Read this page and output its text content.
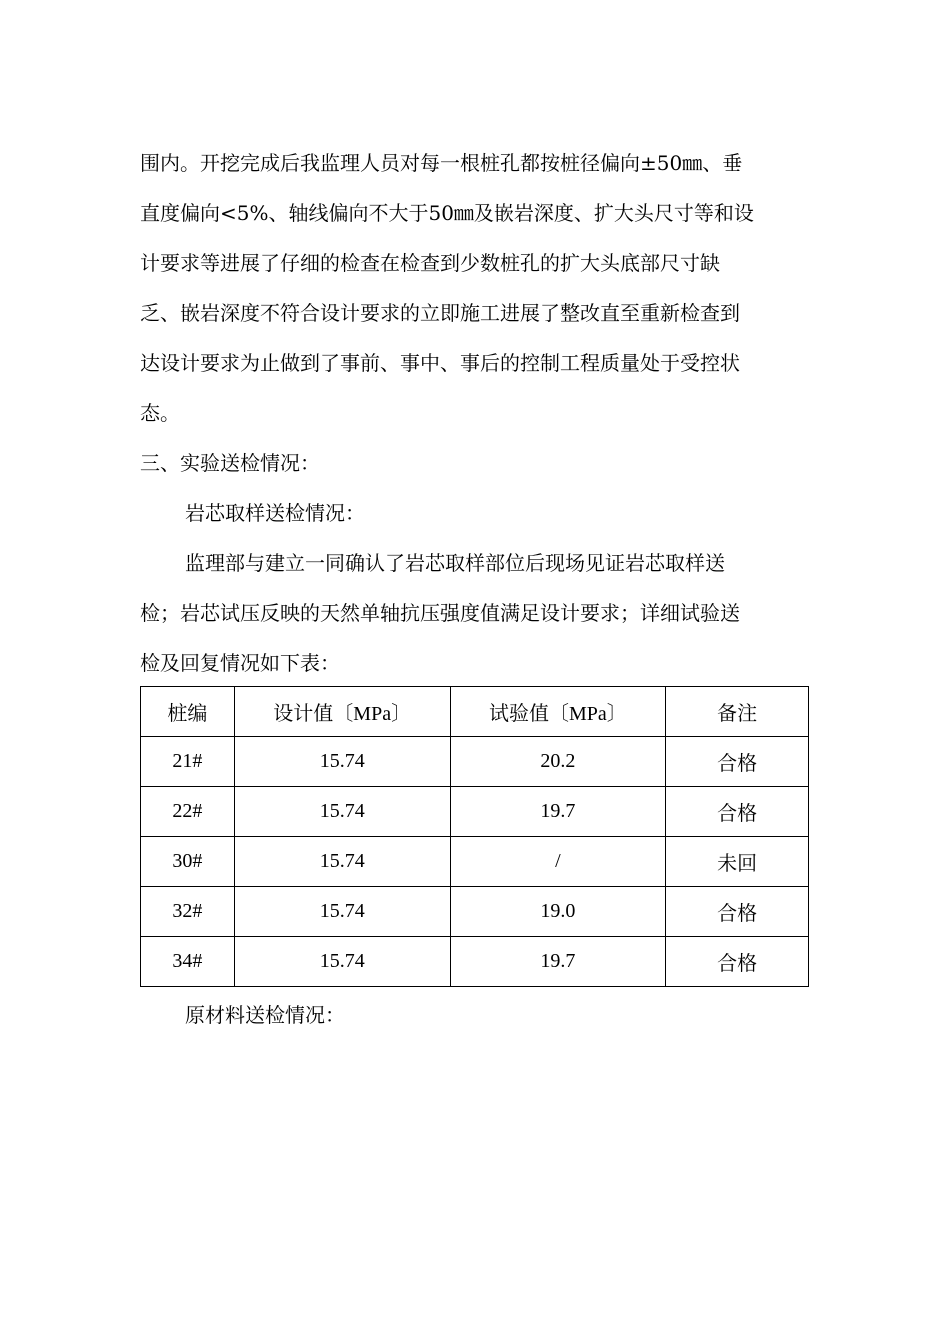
围内。开挖完成后我监理人员对每一根桩孔都按桩径偏向±50㎜、垂
直度偏向<5%、轴线偏向不大于50㎜及嵌岩深度、扩大头尺寸等和设
计要求等进展了仔细的检查在检查到少数桩孔的扩大头底部尺寸缺
乏、嵌岩深度不符合设计要求的立即施工进展了整改直至重新检查到
达设计要求为止做到了事前、事中、事后的控制工程质量处于受控状
态。
三、实验送检情况：
岩芯取样送检情况：
监理部与建立一同确认了岩芯取样部位后现场见证岩芯取样送
检；岩芯试压反映的天然单轴抗压强度值满足设计要求；详细试验送
检及回复情况如下表：
桩编	设计值〔MPa〕	试验值〔MPa〕	备注
21#	15.74	20.2	合格
22#	15.74	19.7	合格
30#	15.74	/	未回
32#	15.74	19.0	合格
34#	15.74	19.7	合格
原材料送检情况：
